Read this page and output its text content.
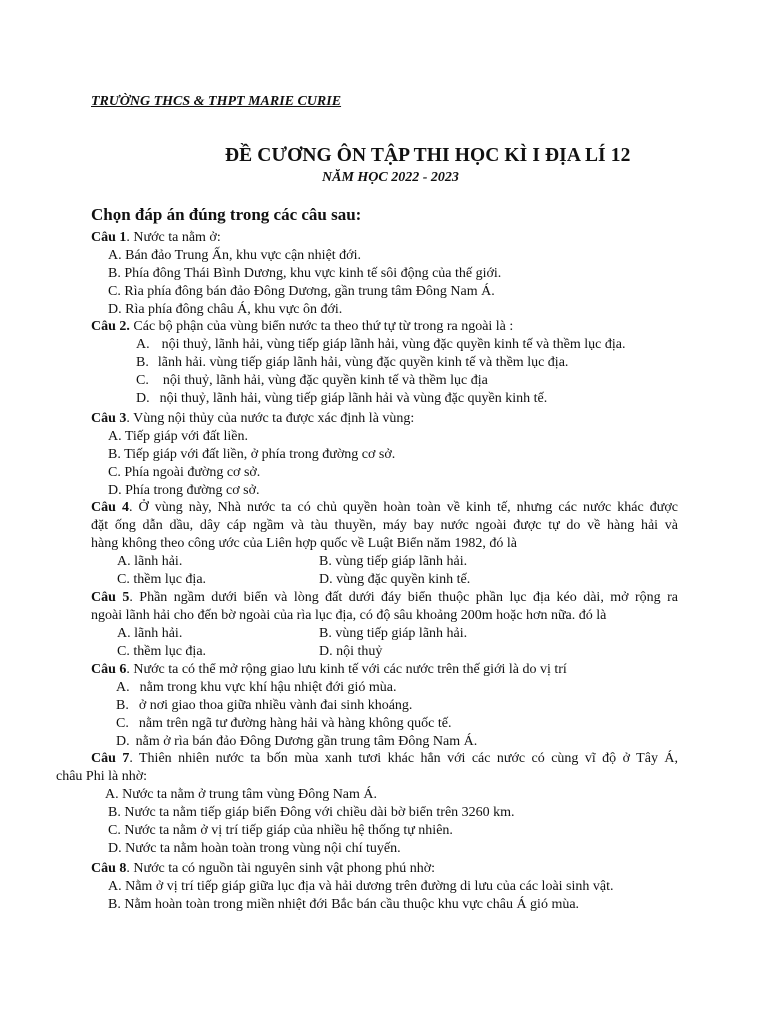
TRƯỜNG THCS & THPT MARIE CURIE
ĐỀ CƯƠNG ÔN TẬP THI HỌC KÌ I ĐỊA LÍ 12
NĂM HỌC 2022 - 2023
Chọn đáp án đúng trong các câu sau:
Câu 1. Nước ta nằm ở:
A. Bán đảo Trung Ấn, khu vực cận nhiệt đới.
B. Phía đông Thái Bình Dương, khu vực kinh tế sôi động của thế giới.
C. Rìa phía đông bán đảo Đông Dương, gần trung tâm Đông Nam Á.
D. Rìa phía đông châu Á, khu vực ôn đới.
Câu 2. Các bộ phận của vùng biển nước ta theo thứ tự từ trong ra ngoài là :
A. nội thuỷ, lãnh hải, vùng tiếp giáp lãnh hải, vùng đặc quyền kinh tế và thềm lục địa.
B. lãnh hải. vùng tiếp giáp lãnh hải, vùng đặc quyền kinh tế và thềm lục địa.
C. nội thuỷ, lãnh hải, vùng đặc quyền kinh tế và thềm lục địa
D. nội thuỷ, lãnh hải, vùng tiếp giáp lãnh hải và vùng đặc quyền kinh tế.
Câu 3. Vùng nội thủy của nước ta được xác định là vùng:
A. Tiếp giáp với đất liền.
B. Tiếp giáp với đất liền, ở phía trong đường cơ sở.
C. Phía ngoài đường cơ sở.
D. Phía trong đường cơ sở.
Câu 4. Ở vùng này, Nhà nước ta có chủ quyền hoàn toàn về kinh tế, nhưng các nước khác được
đặt ống dẫn dầu, dây cáp ngầm và tàu thuyền, máy bay nước ngoài được tự do về hàng hải và
hàng không theo công ước của Liên hợp quốc về Luật Biển năm 1982, đó là
A. lãnh hải.	B. vùng tiếp giáp lãnh hải.
C. thềm lục địa.	D. vùng đặc quyền kinh tế.
Câu 5. Phần ngầm dưới biển và lòng đất dưới đáy biển thuộc phần lục địa kéo dài, mở rộng ra
ngoài lãnh hải cho đến bờ ngoài của rìa lục địa, có độ sâu khoảng 200m hoặc hơn nữa. đó là
A. lãnh hải.	B. vùng tiếp giáp lãnh hải.
C. thềm lục địa.	D. nội thuỷ
Câu 6. Nước ta có thể mở rộng giao lưu kinh tế với các nước trên thế giới là do vị trí
A. nằm trong khu vực khí hậu nhiệt đới gió mùa.
B. ở nơi giao thoa giữa nhiều vành đai sinh khoáng.
C. nằm trên ngã tư đường hàng hải và hàng không quốc tế.
D. nằm ở rìa bán đảo Đông Dương gần trung tâm Đông Nam Á.
Câu 7. Thiên nhiên nước ta bốn mùa xanh tươi khác hẳn với các nước có cùng vĩ độ ở Tây Á,
châu Phi là nhờ:
A. Nước ta nằm ở trung tâm vùng Đông Nam Á.
B. Nước ta nằm tiếp giáp biển Đông với chiều dài bờ biển trên 3260 km.
C. Nước ta nằm ở vị trí tiếp giáp của nhiều hệ thống tự nhiên.
D. Nước ta nằm hoàn toàn trong vùng nội chí tuyến.
Câu 8. Nước ta có nguồn tài nguyên sinh vật phong phú nhờ:
A. Nằm ở vị trí tiếp giáp giữa lục địa và hải dương trên đường di lưu của các loài sinh vật.
B. Nằm hoàn toàn trong miền nhiệt đới Bắc bán cầu thuộc khu vực châu Á gió mùa.
